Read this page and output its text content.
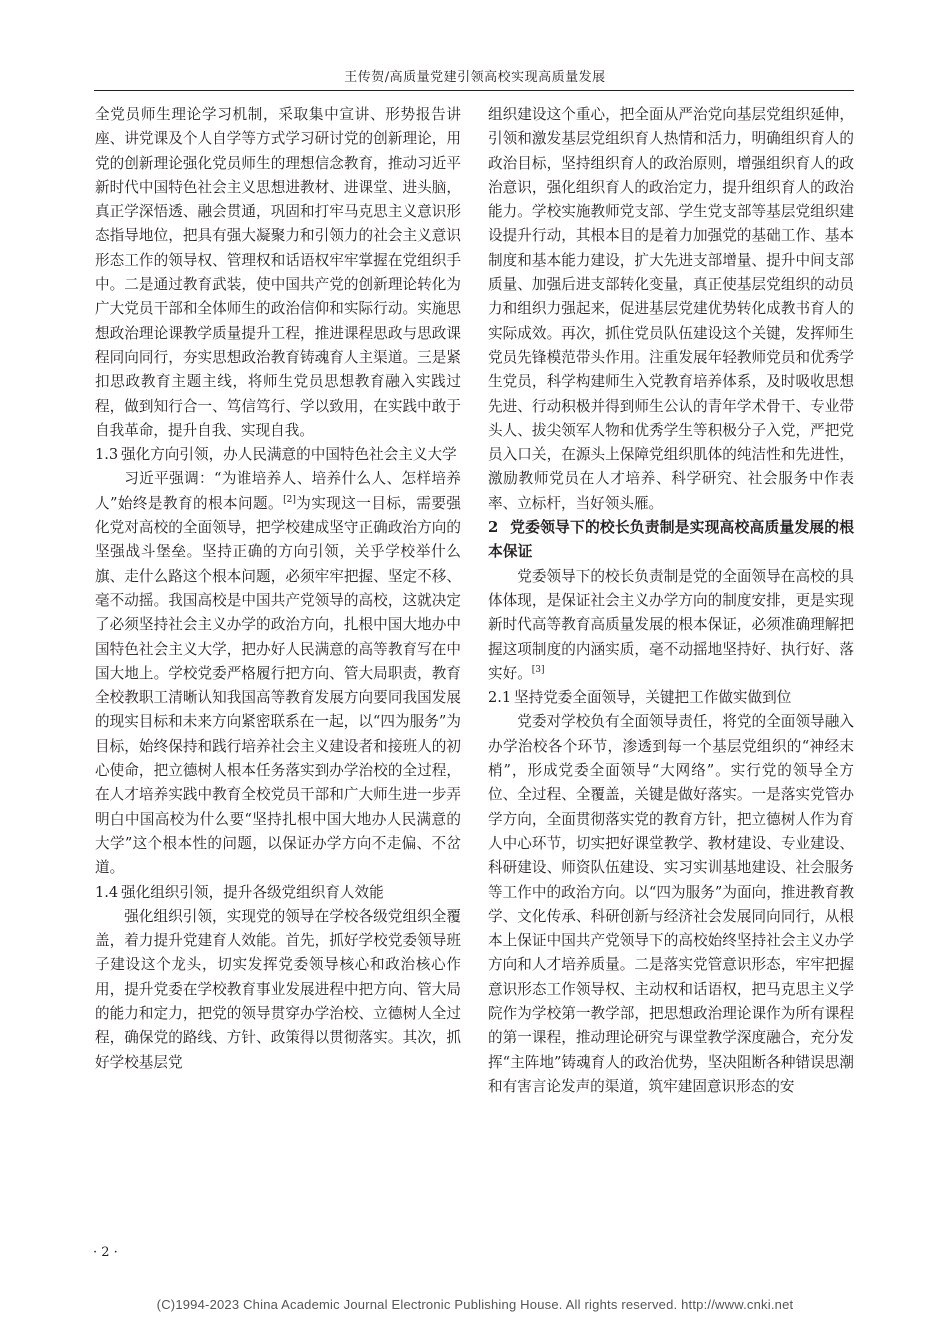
王传贺/高质量党建引领高校实现高质量发展

全党员师生理论学习机制，采取集中宣讲、形势报告讲座、讲党课及个人自学等方式学习研讨党的创新理论，用党的创新理论强化党员师生的理想信念教育，推动习近平新时代中国特色社会主义思想进教材、进课堂、进头脑，真正学深悟透、融会贯通，巩固和打牢马克思主义意识形态指导地位，把具有强大凝聚力和引领力的社会主义意识形态工作的领导权、管理权和话语权牢牢掌握在党组织手中。二是通过教育武装，使中国共产党的创新理论转化为广大党员干部和全体师生的政治信仰和实际行动。实施思想政治理论课教学质量提升工程，推进课程思政与思政课程同向同行，夯实思想政治教育铸魂育人主渠道。三是紧扣思政教育主题主线，将师生党员思想教育融入实践过程，做到知行合一、笃信笃行、学以致用，在实践中敢于自我革命，提升自我、实现自我。

1.3 强化方向引领，办人民满意的中国特色社会主义大学

习近平强调：“为谁培养人、培养什么人、怎样培养人”始终是教育的根本问题。[2]为实现这一目标，需要强化党对高校的全面领导，把学校建成坚守正确政治方向的坚强战斗堡垒。坚持正确的方向引领，关乎学校举什么旗、走什么路这个根本问题，必须牢牢把握、坚定不移、毫不动摇。我国高校是中国共产党领导的高校，这就决定了必须坚持社会主义办学的政治方向，扎根中国大地办中国特色社会主义大学，把办好人民满意的高等教育写在中国大地上。学校党委严格履行把方向、管大局职责，教育全校教职工清晰认知我国高等教育发展方向要同我国发展的现实目标和未来方向紧密联系在一起，以“四为服务”为目标，始终保持和践行培养社会主义建设者和接班人的初心使命，把立德树人根本任务落实到办学治校的全过程，在人才培养实践中教育全校党员干部和广大师生进一步弄明白中国高校为什么要“坚持扎根中国大地办人民满意的大学”这个根本性的问题，以保证办学方向不走偏、不岔道。

1.4 强化组织引领，提升各级党组织育人效能

强化组织引领，实现党的领导在学校各级党组织全覆盖，着力提升党建育人效能。首先，抓好学校党委领导班子建设这个龙头，切实发挥党委领导核心和政治核心作用，提升党委在学校教育事业发展进程中把方向、管大局的能力和定力，把党的领导贯穿办学治校、立德树人全过程，确保党的路线、方针、政策得以贯彻落实。其次，抓好学校基层党

组织建设这个重心，把全面从严治党向基层党组织延伸，引领和激发基层党组织育人热情和活力，明确组织育人的政治目标，坚持组织育人的政治原则，增强组织育人的政治意识，强化组织育人的政治定力，提升组织育人的政治能力。学校实施教师党支部、学生党支部等基层党组织建设提升行动，其根本目的是着力加强党的基础工作、基本制度和基本能力建设，扩大先进支部增量、提升中间支部质量、加强后进支部转化变量，真正使基层党组织的动员力和组织力强起来，促进基层党建优势转化成教书育人的实际成效。再次，抓住党员队伍建设这个关键，发挥师生党员先锋模范带头作用。注重发展年轻教师党员和优秀学生党员，科学构建师生入党教育培养体系，及时吸收思想先进、行动积极并得到师生公认的青年学术骨干、专业带头人、拔尖领军人物和优秀学生等积极分子入党，严把党员入口关，在源头上保障党组织肌体的纯洁性和先进性，激励教师党员在人才培养、科学研究、社会服务中作表率、立标杆，当好领头雁。

2 党委领导下的校长负责制是实现高校高质量发展的根本保证

党委领导下的校长负责制是党的全面领导在高校的具体体现，是保证社会主义办学方向的制度安排，更是实现新时代高等教育高质量发展的根本保证，必须准确理解把握这项制度的内涵实质，毫不动摇地坚持好、执行好、落实好。[3]

2.1 坚持党委全面领导，关键把工作做实做到位

党委对学校负有全面领导责任，将党的全面领导融入办学治校各个环节，渗透到每一个基层党组织的“神经末梢”，形成党委全面领导“大网络”。实行党的领导全方位、全过程、全覆盖，关键是做好落实。一是落实党管办学方向，全面贯彻落实党的教育方针，把立德树人作为育人中心环节，切实把好课堂教学、教材建设、专业建设、科研建设、师资队伍建设、实习实训基地建设、社会服务等工作中的政治方向。以“四为服务”为面向，推进教育教学、文化传承、科研创新与经济社会发展同向同行，从根本上保证中国共产党领导下的高校始终坚持社会主义办学方向和人才培养质量。二是落实党管意识形态，牢牢把握意识形态工作领导权、主动权和话语权，把马克思主义学院作为学校第一教学部，把思想政治理论课作为所有课程的第一课程，推动理论研究与课堂教学深度融合，充分发挥“主阵地”铸魂育人的政治优势，坚决阻断各种错误思潮和有害言论发声的渠道，筑牢建固意识形态的安

· 2 ·
(C)1994-2023 China Academic Journal Electronic Publishing House. All rights reserved. http://www.cnki.net
